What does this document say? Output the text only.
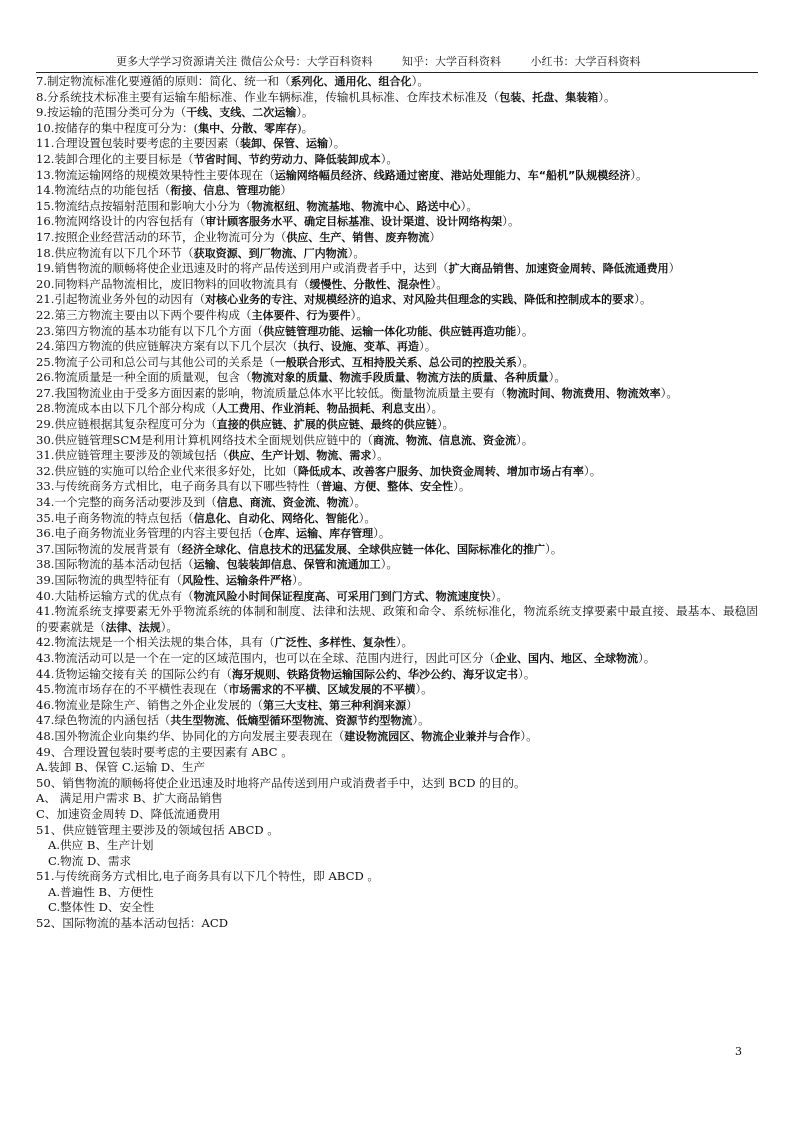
更多大学学习资源请关注 微信公众号：大学百科资料	知乎：大学百科资料	小红书：大学百科资料
7.制定物流标准化要遵循的原则：简化、统一和（系列化、通用化、组合化）。
8.分系统技术标准主要有运输车船标准、作业车辆标准，传输机具标准、仓库技术标准及（包装、托盘、集装箱）。
9.按运输的范围分类可分为（干线、支线、二次运输）。
10.按储存的集中程度可分为：(集中、分散、零库存)。
11.合理设置包装时要考虑的主要因素（装卸、保管、运输）。
12.装卸合理化的主要目标是（节省时间、节约劳动力、降低装卸成本）。
13.物流运输网络的规模效果特性主要体现在（运输网络幅员经济、线路通过密度、港站处理能力、车“船机”队规模经济）。
14.物流结点的功能包括（衔接、信息、管理功能）
15.物流结点按辐射范围和影响大小分为（物流枢纽、物流基地、物流中心、路送中心）。
16.物流网络设计的内容包括有（审计顾客服务水平、确定目标基准、设计渠道、设计网络构架）。
17.按照企业经营活动的环节，企业物流可分为（供应、生产、销售、废弃物流）
18.供应物流有以下几个环节（获取资源、到厂物流、厂内物流）。
19.销售物流的顺畅将使企业迅速及时的将产品传送到用户或消费者手中，达到（扩大商品销售、加速资金周转、降低流通费用）
20.同物料产品物流相比，废旧物料的回收物流具有（缓慢性、分散性、混杂性）。
21.引起物流业务外包的动因有（对核心业务的专注、对规模经济的追求、对风险共但理念的实践、降低和控制成本的要求）。
22.第三方物流主要由以下两个要件构成（主体要件、行为要件）。
23.第四方物流的基本功能有以下几个方面（供应链管理功能、运输一体化功能、供应链再造功能）。
24.第四方物流的供应链解决方案有以下几个层次（执行、设施、变革、再造）。
25.物流子公司和总公司与其他公司的关系是（一般联合形式、互相持股关系、总公司的控股关系）。
26.物流质量是一种全面的质量观，包含（物流对象的质量、物流手段质量、物流方法的质量、各种质量）。
27.我国物流业由于受多方面因素的影响，物流质量总体水平比较低。衡量物流质量主要有（物流时间、物流费用、物流效率）。
28.物流成本由以下几个部分构成（人工费用、作业消耗、物品损耗、利息支出）。
29.供应链根据其复杂程度可分为（直接的供应链、扩展的供应链、最终的供应链）。
30.供应链管理SCM是利用计算机网络技术全面规划供应链中的（商流、物流、信息流、资金流）。
31.供应链管理主要涉及的领域包括（供应、生产计划、物流、需求）。
32.供应链的实施可以给企业代来很多好处，比如（降低成本、改善客户服务、加快资金周转、增加市场占有率）。
33.与传统商务方式相比，电子商务具有以下哪些特性（普遍、方便、整体、安全性）。
34.一个完整的商务活动要涉及到（信息、商流、资金流、物流）。
35.电子商务物流的特点包括（信息化、自动化、网络化、智能化）。
36.电子商务物流业务管理的内容主要包括（仓库、运输、库存管理）。
37.国际物流的发展背景有（经济全球化、信息技术的迅猛发展、全球供应链一体化、国际标准化的推广）。
38.国际物流的基本活动包括（运输、包装装卸信息、保管和流通加工）。
39.国际物流的典型特征有（风险性、运输条件严格）。
40.大陆桥运输方式的优点有（物流风险小时间保证程度高、可采用门到门方式、物流速度快）。
41.物流系统支撑要素无外乎物流系统的体制和制度、法律和法规、政策和命令、系统标准化，物流系统支撑要素中最直接、最基本、最稳固的要素就是（法律、法规）。
42.物流法规是一个相关法规的集合体，具有（广泛性、多样性、复杂性）。
43.物流活动可以是一个在一定的区域范围内，也可以在全球、范围内进行，因此可区分（企业、国内、地区、全球物流）。
44.货物运输交接有关 的国际公约有（海牙规则、铁路货物运输国际公约、华沙公约、海牙议定书）。
45.物流市场存在的不平横性表现在（市场需求的不平横、区域发展的不平横）。
46.物流业是除生产、销售之外企业发展的（第三大支柱、第三种利润来源）
47.绿色物流的内涵包括（共生型物流、低熵型循环型物流、资源节约型物流）。
48.国外物流企业向集约华、协同化的方向发展主要表现在（建设物流园区、物流企业兼并与合作）。
49、合理设置包装时要考虑的主要因素有 ABC 。
A.装卸 B、保管 C.运输 D、生产
50、销售物流的顺畅将使企业迅速及时地将产品传送到用户或消费者手中，达到 BCD 的目的。
A、 满足用户需求 B、扩大商品销售
C、加速资金周转 D、降低流通费用
51、供应链管理主要涉及的领域包括 ABCD 。
A.供应 B、生产计划
C.物流 D、需求
51.与传统商务方式相比,电子商务具有以下几个特性，即 ABCD 。
A.普遍性 B、方便性
C.整体性 D、安全性
52、国际物流的基本活动包括：ACD
3
